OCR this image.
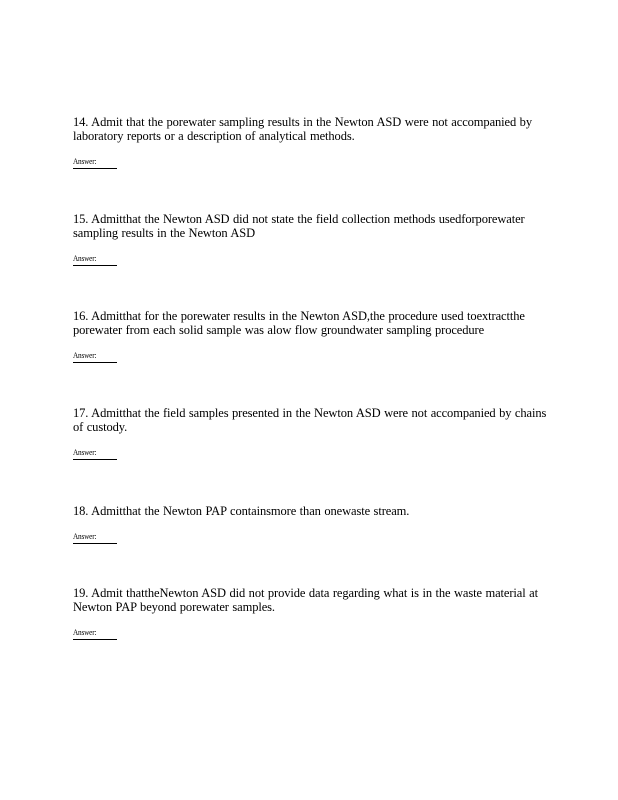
14. Admit that the porewater sampling results in the Newton ASD were not accompanied by
laboratory reports or a description of analytical methods.

Answer:

15. Admitthat the Newton ASD did not state the field collection methods usedforporewater
sampling results in the Newton ASD

Answer:

16. Admitthat for the porewater results in the Newton ASD,the procedure used toextractthe
porewater from each solid sample was alow flow groundwater sampling procedure

Answer:

17. Admitthat the field samples presented in the Newton ASD were not accompanied by chains
of custody.

Answer:

18. Admitthat the Newton PAP containsmore than onewaste stream.

Answer:

19. Admit thattheNewton ASD did not provide data regarding what is in the waste material at
Newton PAP beyond porewater samples.

Answer:
